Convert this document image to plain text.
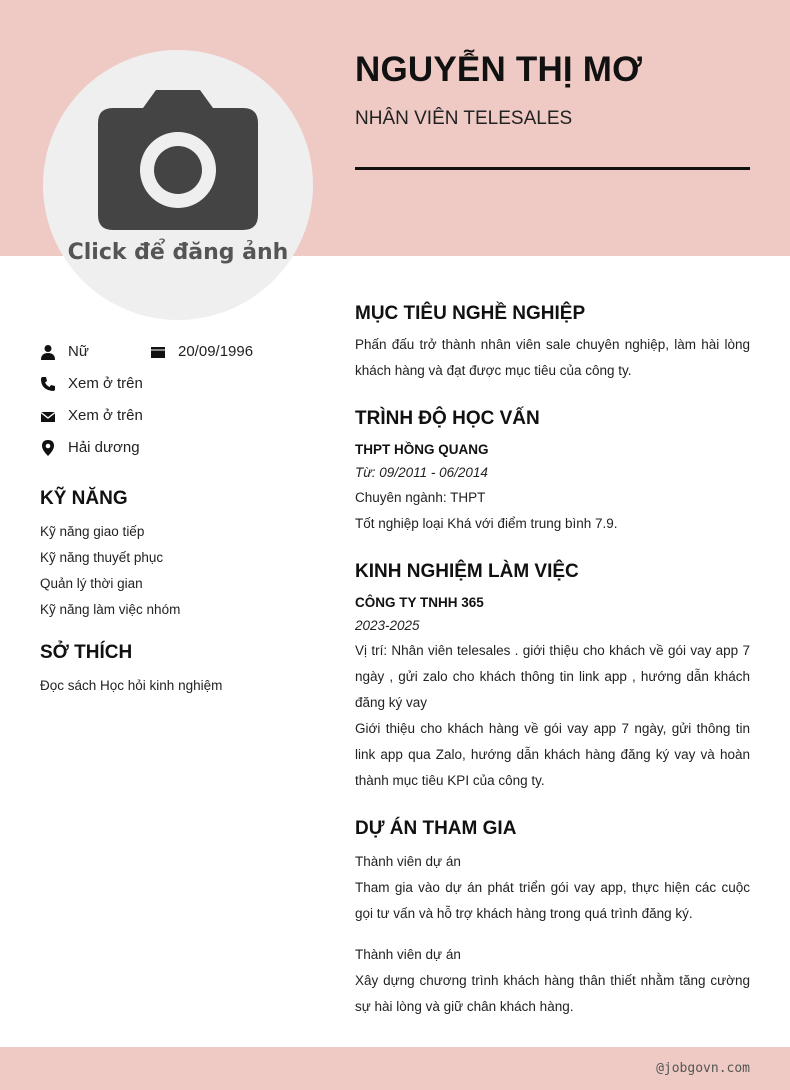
Click để đăng ảnh
NGUYỄN THỊ MƠ
NHÂN VIÊN TELESALES
Nữ	20/09/1996
Xem ở trên
Xem ở trên
Hải dương
KỸ NĂNG
Kỹ năng giao tiếp
Kỹ năng thuyết phục
Quản lý thời gian
Kỹ năng làm việc nhóm
SỞ THÍCH
Đọc sách Học hỏi kinh nghiệm
MỤC TIÊU NGHỀ NGHIỆP
Phấn đấu trở thành nhân viên sale chuyên nghiệp, làm hài lòng khách hàng và đạt được mục tiêu của công ty.
TRÌNH ĐỘ HỌC VẤN
THPT HỒNG QUANG
Từ: 09/2011 - 06/2014
Chuyên ngành: THPT
Tốt nghiệp loại Khá với điểm trung bình 7.9.
KINH NGHIỆM LÀM VIỆC
CÔNG TY TNHH 365
2023-2025
Vị trí: Nhân viên telesales . giới thiệu cho khách về gói vay app 7 ngày , gửi zalo cho khách thông tin link app , hướng dẫn khách đăng ký vay
Giới thiệu cho khách hàng về gói vay app 7 ngày, gửi thông tin link app qua Zalo, hướng dẫn khách hàng đăng ký vay và hoàn thành mục tiêu KPI của công ty.
DỰ ÁN THAM GIA
Thành viên dự án
Tham gia vào dự án phát triển gói vay app, thực hiện các cuộc gọi tư vấn và hỗ trợ khách hàng trong quá trình đăng ký.
Thành viên dự án
Xây dựng chương trình khách hàng thân thiết nhằm tăng cường sự hài lòng và giữ chân khách hàng.
@jobgovn.com
